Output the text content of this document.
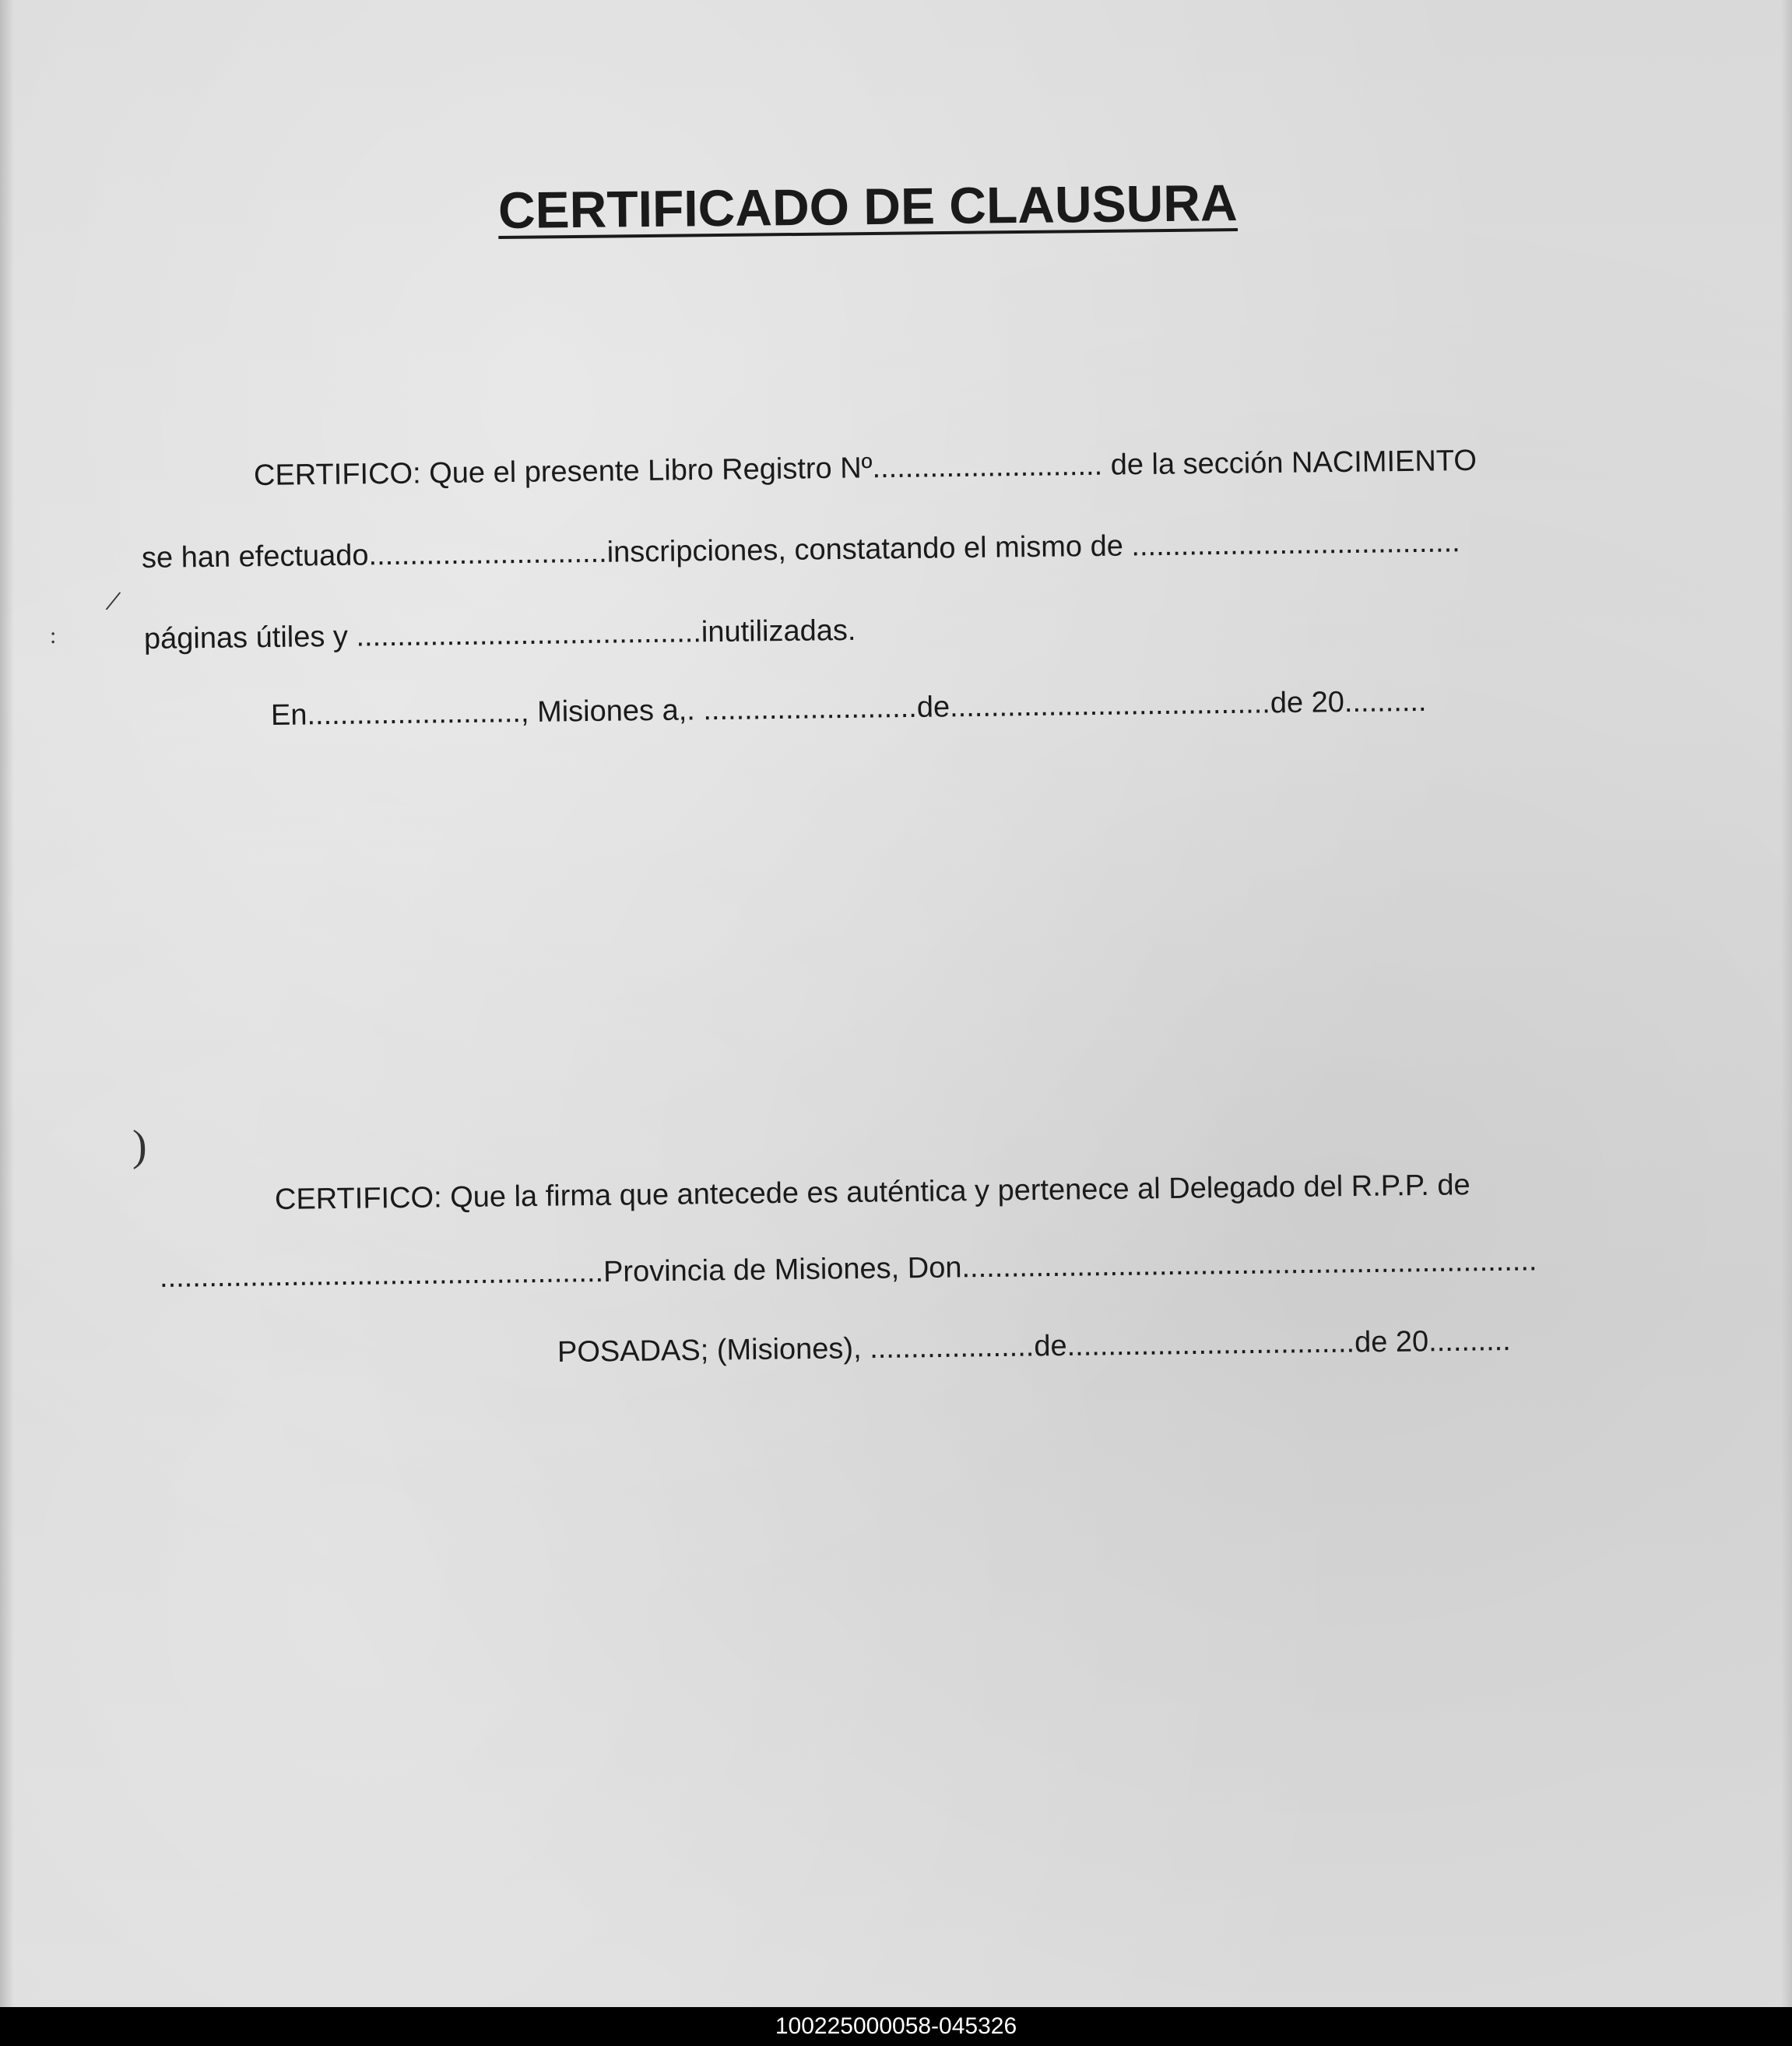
CERTIFICADO DE CLAUSURA
CERTIFICO: Que el presente Libro Registro Nº............................ de la sección NACIMIENTO
se han efectuado.............................inscripciones, constatando el mismo de ........................................
páginas útiles y ..........................................inutilizadas.
En.........................., Misiones a,. ..........................de.......................................de 20..........
CERTIFICO: Que la firma que antecede es auténtica y pertenece al Delegado del R.P.P. de
......................................................Provincia de Misiones, Don......................................................................
POSADAS; (Misiones), ....................de...................................de 20..........
/
)
:
100225000058-045326
